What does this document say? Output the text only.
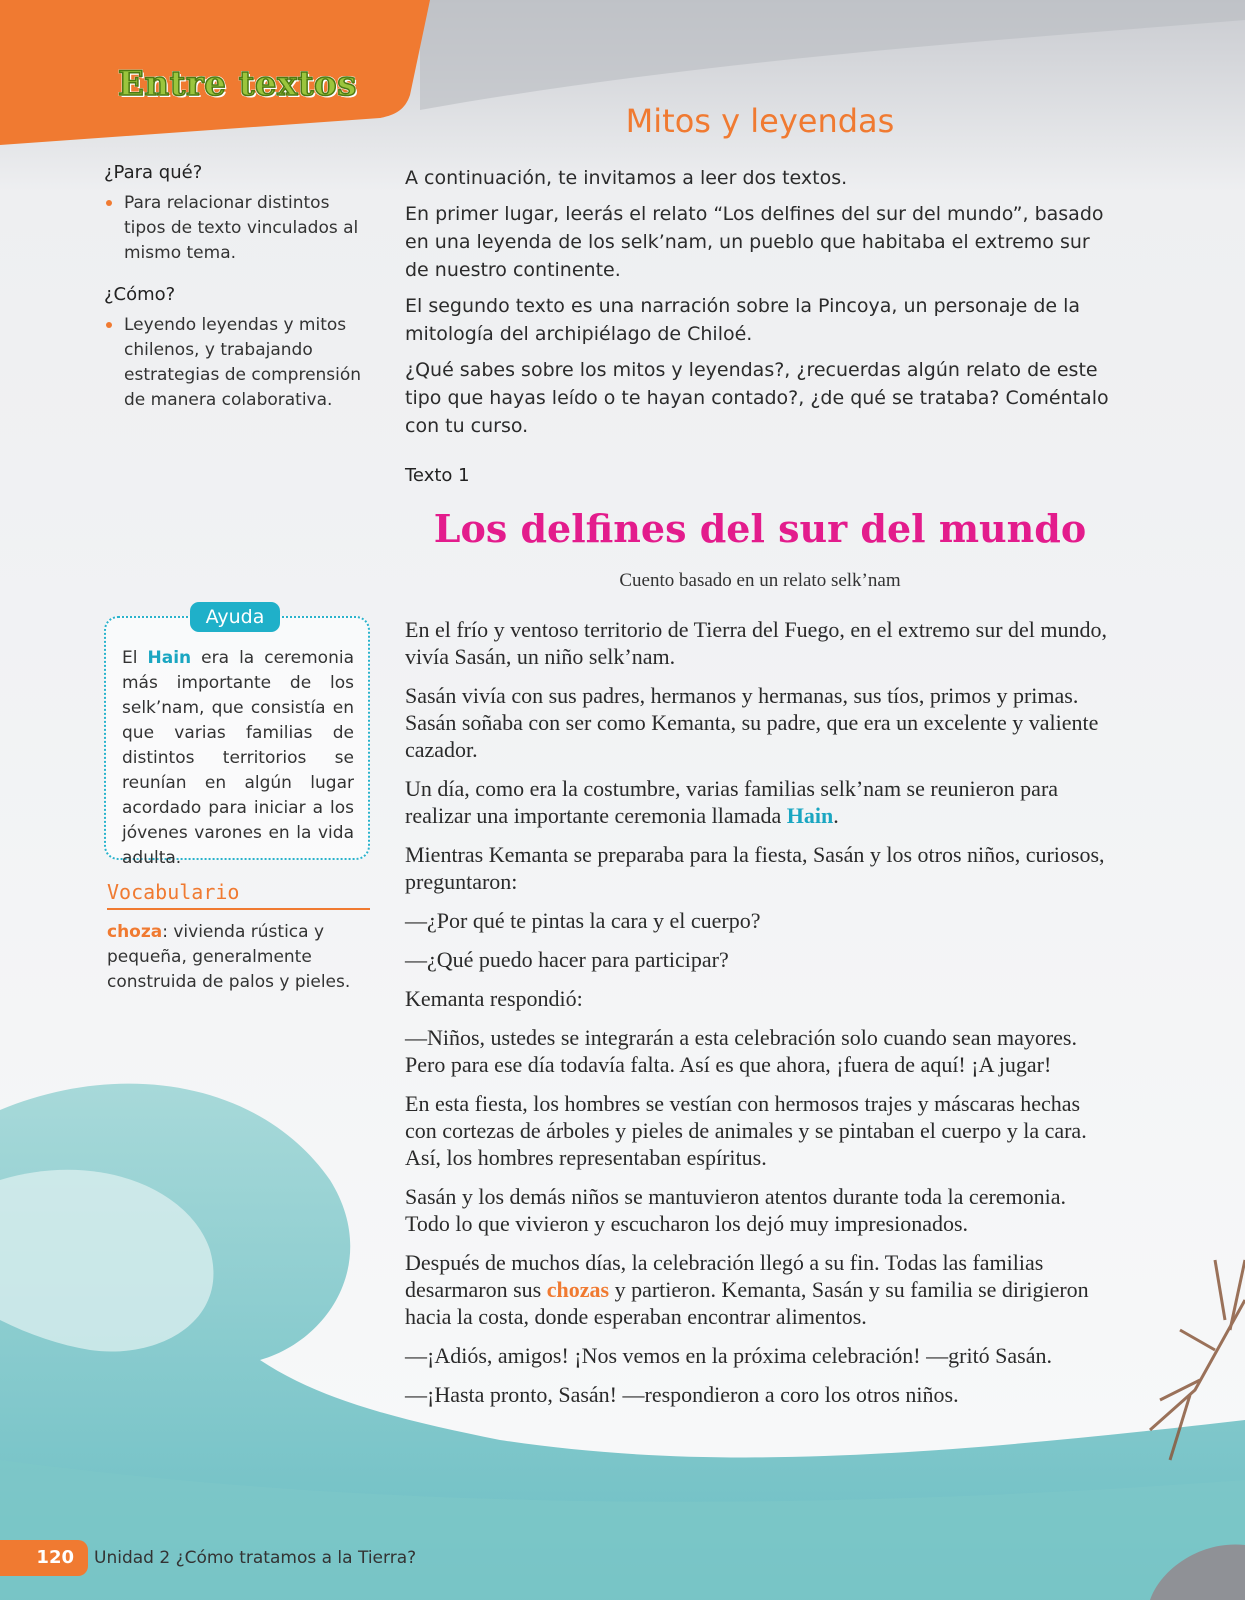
Entre textos
Mitos y leyendas
¿Para qué?
Para relacionar distintos tipos de texto vinculados al mismo tema.
¿Cómo?
Leyendo leyendas y mitos chilenos, y trabajando estrategias de comprensión de manera colaborativa.

A continuación, te invitamos a leer dos textos.

En primer lugar, leerás el relato “Los delfines del sur del mundo”, basado en una leyenda de los selk’nam, un pueblo que habitaba el extremo sur de nuestro continente.

El segundo texto es una narración sobre la Pincoya, un personaje de la mitología del archipiélago de Chiloé.

¿Qué sabes sobre los mitos y leyendas?, ¿recuerdas algún relato de este tipo que hayas leído o te hayan contado?, ¿de qué se trataba? Coméntalo con tu curso.

Texto 1
Los delfines del sur del mundo
Cuento basado en un relato selk’nam
Ayuda
El Hain era la ceremonia más importante de los selk’nam, que consistía en que varias familias de distintos territorios se reunían en algún lugar acordado para iniciar a los jóvenes varones en la vida adulta.
Vocabulario
choza: vivienda rústica y pequeña, generalmente construida de palos y pieles.

En el frío y ventoso territorio de Tierra del Fuego, en el extremo sur del mundo, vivía Sasán, un niño selk’nam.

Sasán vivía con sus padres, hermanos y hermanas, sus tíos, primos y primas. Sasán soñaba con ser como Kemanta, su padre, que era un excelente y valiente cazador.

Un día, como era la costumbre, varias familias selk’nam se reunieron para realizar una importante ceremonia llamada Hain.

Mientras Kemanta se preparaba para la fiesta, Sasán y los otros niños, curiosos, preguntaron:

—¿Por qué te pintas la cara y el cuerpo?

—¿Qué puedo hacer para participar?

Kemanta respondió:

—Niños, ustedes se integrarán a esta celebración solo cuando sean mayores. Pero para ese día todavía falta. Así es que ahora, ¡fuera de aquí! ¡A jugar!

En esta fiesta, los hombres se vestían con hermosos trajes y máscaras hechas con cortezas de árboles y pieles de animales y se pintaban el cuerpo y la cara. Así, los hombres representaban espíritus.

Sasán y los demás niños se mantuvieron atentos durante toda la ceremonia. Todo lo que vivieron y escucharon los dejó muy impresionados.

Después de muchos días, la celebración llegó a su fin. Todas las familias desarmaron sus chozas y partieron. Kemanta, Sasán y su familia se dirigieron hacia la costa, donde esperaban encontrar alimentos.

—¡Adiós, amigos! ¡Nos vemos en la próxima celebración! —gritó Sasán.

—¡Hasta pronto, Sasán! —respondieron a coro los otros niños.

120	Unidad 2 ¿Cómo tratamos a la Tierra?
